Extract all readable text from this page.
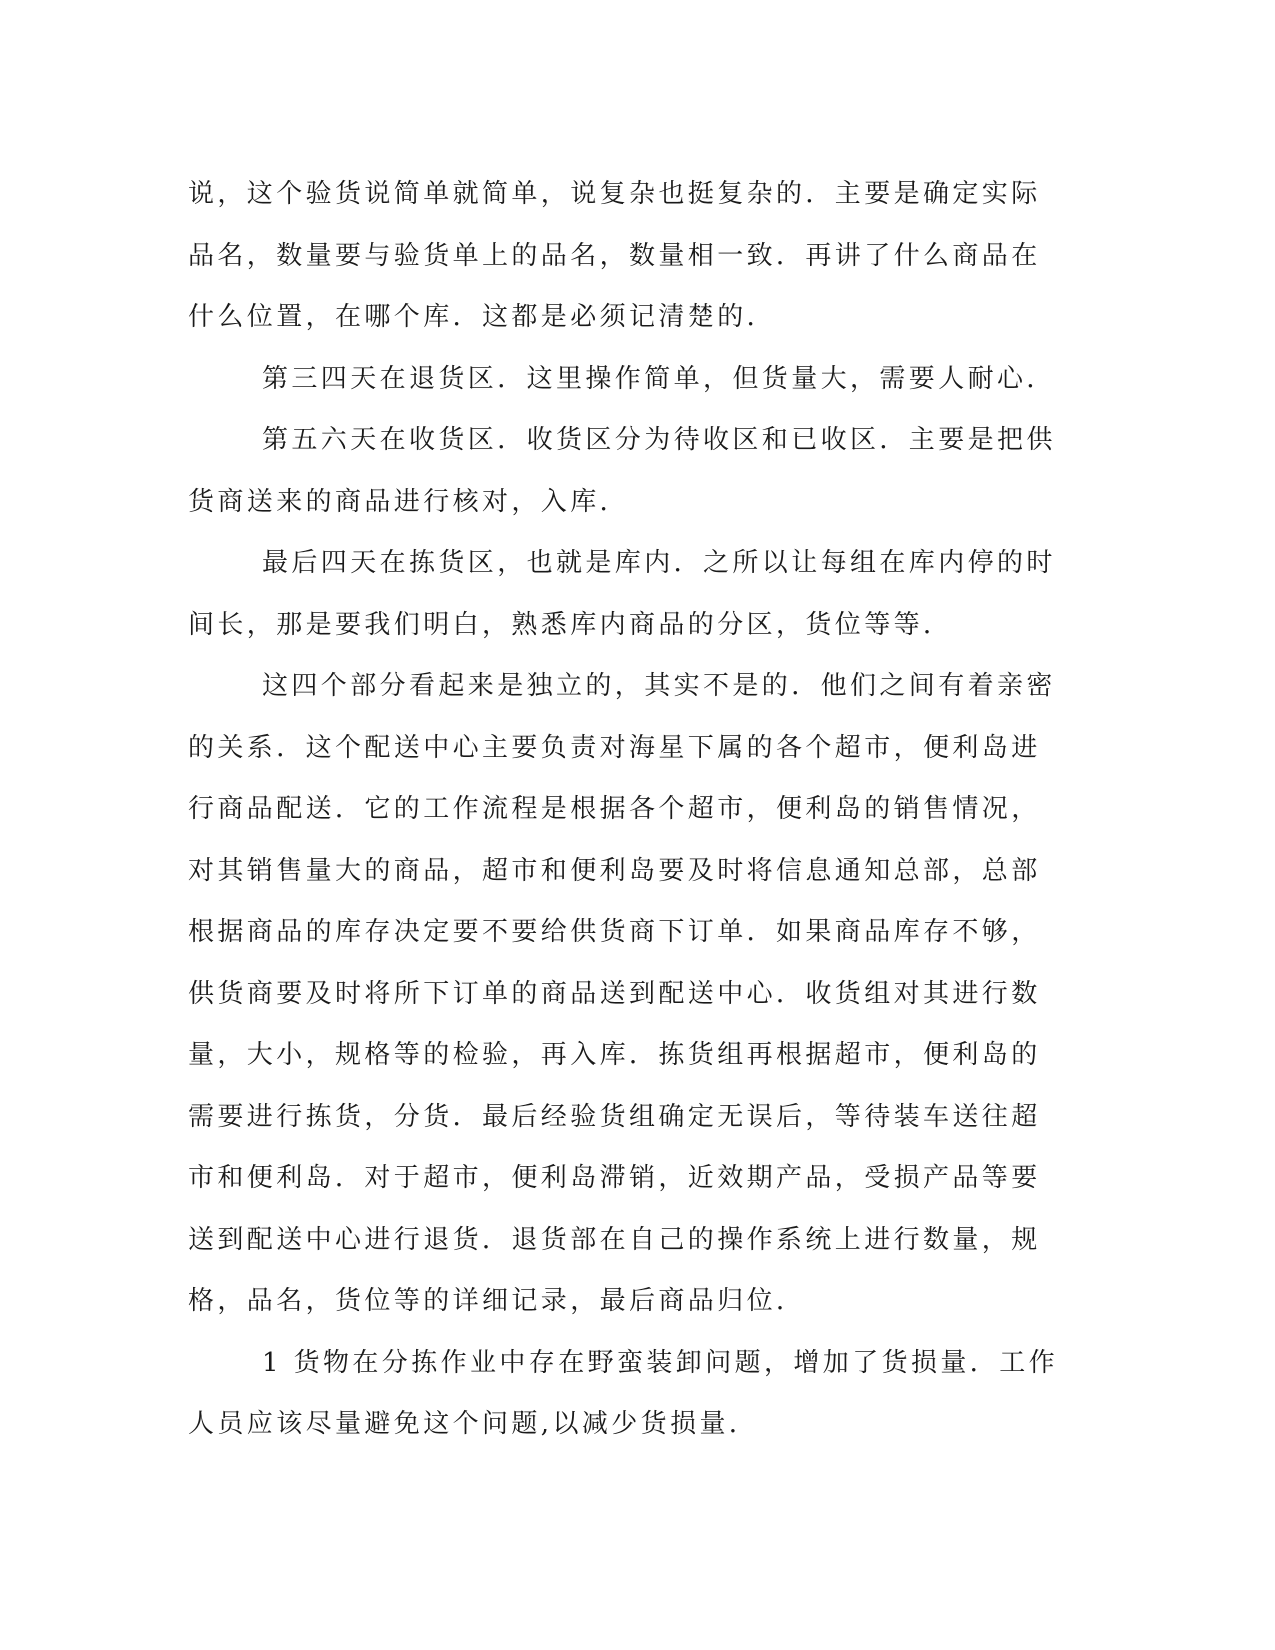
说，这个验货说简单就简单，说复杂也挺复杂的．主要是确定实际品名，数量要与验货单上的品名，数量相一致．再讲了什么商品在什么位置，在哪个库．这都是必须记清楚的．

第三四天在退货区．这里操作简单，但货量大，需要人耐心．

第五六天在收货区．收货区分为待收区和已收区．主要是把供货商送来的商品进行核对，入库．

最后四天在拣货区，也就是库内．之所以让每组在库内停的时间长，那是要我们明白，熟悉库内商品的分区，货位等等．

这四个部分看起来是独立的，其实不是的．他们之间有着亲密的关系．这个配送中心主要负责对海星下属的各个超市，便利岛进行商品配送．它的工作流程是根据各个超市，便利岛的销售情况，对其销售量大的商品，超市和便利岛要及时将信息通知总部，总部根据商品的库存决定要不要给供货商下订单．如果商品库存不够，供货商要及时将所下订单的商品送到配送中心．收货组对其进行数量，大小，规格等的检验，再入库．拣货组再根据超市，便利岛的需要进行拣货，分货．最后经验货组确定无误后，等待装车送往超市和便利岛．对于超市，便利岛滞销，近效期产品，受损产品等要送到配送中心进行退货．退货部在自己的操作系统上进行数量，规格，品名，货位等的详细记录，最后商品归位．

1 货物在分拣作业中存在野蛮装卸问题，增加了货损量．工作人员应该尽量避免这个问题,以减少货损量．
